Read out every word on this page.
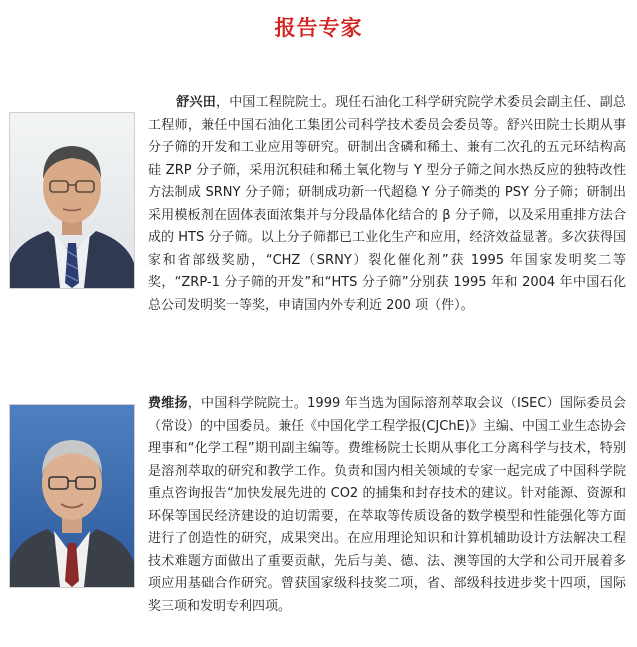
报告专家
舒兴田，中国工程院院士。现任石油化工科学研究院学术委员会副主任、副总工程师，兼任中国石油化工集团公司科学技术委员会委员等。舒兴田院士长期从事分子筛的开发和工业应用等研究。研制出含磷和稀土、兼有二次孔的五元环结构高硅 ZRP 分子筛，采用沉积硅和稀土氧化物与 Y 型分子筛之间水热反应的独特改性方法制成 SRNY 分子筛；研制成功新一代超稳 Y 分子筛类的 PSY 分子筛；研制出采用模板剂在固体表面浓集并与分段晶体化结合的 β 分子筛，以及采用重排方法合成的 HTS 分子筛。以上分子筛都已工业化生产和应用，经济效益显著。多次获得国家和省部级奖励，“CHZ（SRNY）裂化催化剂”获 1995 年国家发明奖二等奖，“ZRP-1 分子筛的开发”和“HTS 分子筛”分别获 1995 年和 2004 年中国石化总公司发明奖一等奖，申请国内外专利近 200 项（件）。
费维扬，中国科学院院士。1999 年当选为国际溶剂萃取会议（ISEC）国际委员会（常设）的中国委员。兼任《中国化学工程学报(CJChE)》主编、中国工业生态协会理事和“化学工程”期刊副主编等。费维杨院士长期从事化工分离科学与技术，特别是溶剂萃取的研究和教学工作。负责和国内相关领域的专家一起完成了中国科学院重点咨询报告“加快发展先进的 CO2 的捕集和封存技术的建议。针对能源、资源和环保等国民经济建设的迫切需要，在萃取等传质设备的数学模型和性能强化等方面进行了创造性的研究，成果突出。在应用理论知识和计算机辅助设计方法解决工程技术难题方面做出了重要贡献，先后与美、德、法、澳等国的大学和公司开展着多项应用基础合作研究。曾获国家级科技奖二项，省、部级科技进步奖十四项，国际奖三项和发明专利四项。
